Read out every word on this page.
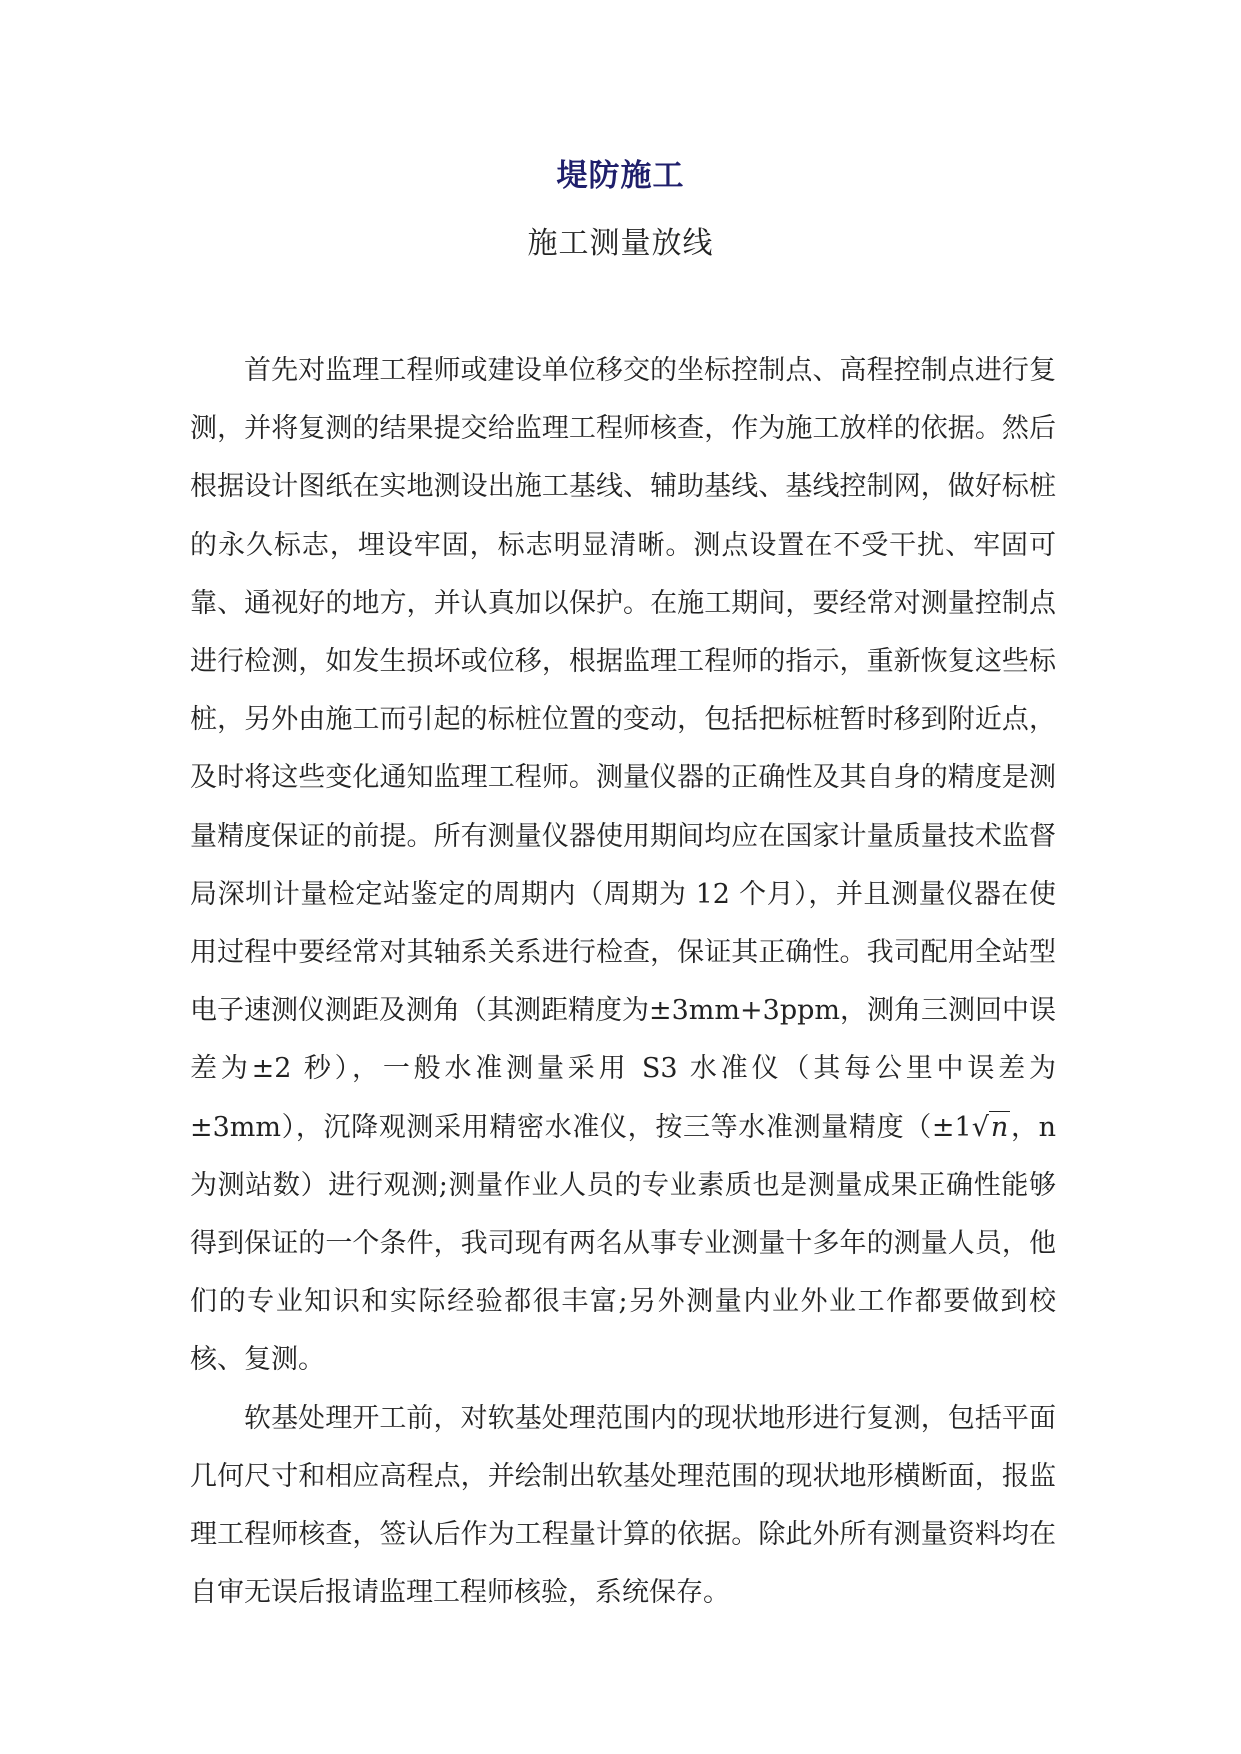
堤防施工
施工测量放线

首先对监理工程师或建设单位移交的坐标控制点、高程控制点进行复测，并将复测的结果提交给监理工程师核查，作为施工放样的依据。然后根据设计图纸在实地测设出施工基线、辅助基线、基线控制网，做好标桩的永久标志，埋设牢固，标志明显清晰。测点设置在不受干扰、牢固可靠、通视好的地方，并认真加以保护。在施工期间，要经常对测量控制点进行检测，如发生损坏或位移，根据监理工程师的指示，重新恢复这些标桩，另外由施工而引起的标桩位置的变动，包括把标桩暂时移到附近点，及时将这些变化通知监理工程师。测量仪器的正确性及其自身的精度是测量精度保证的前提。所有测量仪器使用期间均应在国家计量质量技术监督局深圳计量检定站鉴定的周期内（周期为 12 个月），并且测量仪器在使用过程中要经常对其轴系关系进行检查，保证其正确性。我司配用全站型电子速测仪测距及测角（其测距精度为±3mm+3ppm，测角三测回中误差为±2 秒），一般水准测量采用 S3 水准仪（其每公里中误差为±3mm），沉降观测采用精密水准仪，按三等水准测量精度（±1√n，n 为测站数）进行观测;测量作业人员的专业素质也是测量成果正确性能够得到保证的一个条件，我司现有两名从事专业测量十多年的测量人员，他们的专业知识和实际经验都很丰富;另外测量内业外业工作都要做到校核、复测。

软基处理开工前，对软基处理范围内的现状地形进行复测，包括平面几何尺寸和相应高程点，并绘制出软基处理范围的现状地形横断面，报监理工程师核查，签认后作为工程量计算的依据。除此外所有测量资料均在自审无误后报请监理工程师核验，系统保存。
